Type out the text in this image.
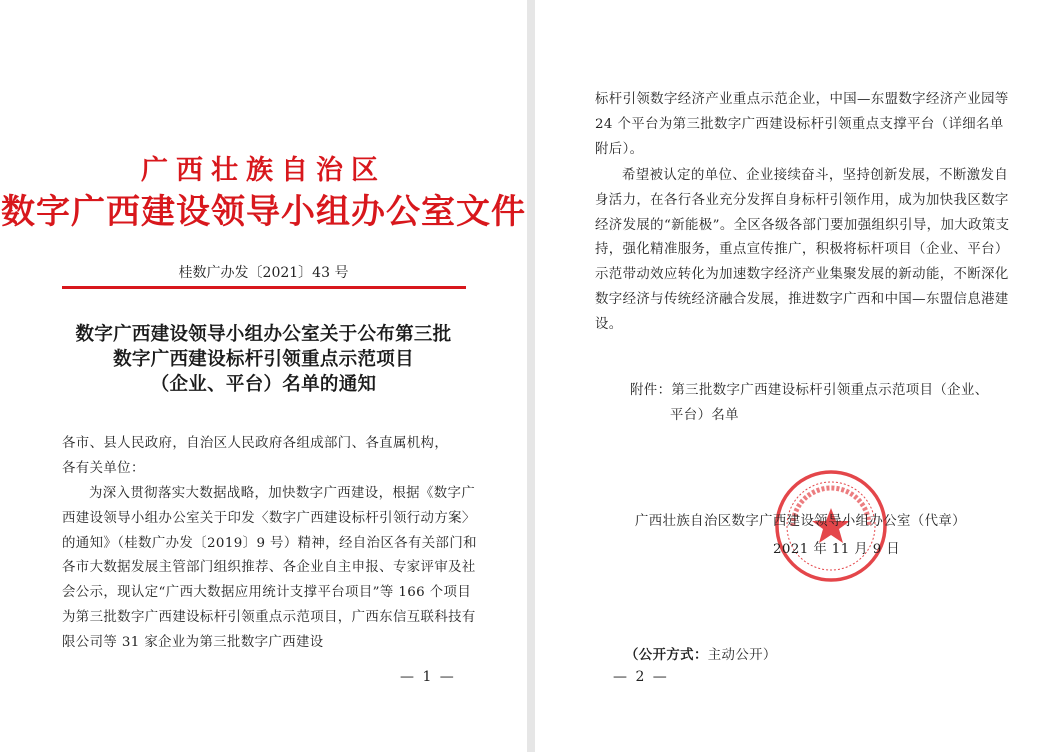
广西壮族自治区
数字广西建设领导小组办公室文件
桂数广办发〔2021〕43 号
数字广西建设领导小组办公室关于公布第三批
数字广西建设标杆引领重点示范项目
（企业、平台）名单的通知
各市、县人民政府，自治区人民政府各组成部门、各直属机构，
各有关单位：
为深入贯彻落实大数据战略，加快数字广西建设，根据《数字广西建设领导小组办公室关于印发〈数字广西建设标杆引领行动方案〉的通知》（桂数广办发〔2019〕9 号）精神，经自治区各有关部门和各市大数据发展主管部门组织推荐、各企业自主申报、专家评审及社会公示，现认定“广西大数据应用统计支撑平台项目”等 166 个项目为第三批数字广西建设标杆引领重点示范项目，广西东信互联科技有限公司等 31 家企业为第三批数字广西建设
— 1 —
标杆引领数字经济产业重点示范企业，中国—东盟数字经济产业园等 24 个平台为第三批数字广西建设标杆引领重点支撑平台（详细名单附后）。
希望被认定的单位、企业接续奋斗，坚持创新发展，不断激发自身活力，在各行各业充分发挥自身标杆引领作用，成为加快我区数字经济发展的“新能极”。全区各级各部门要加强组织引导，加大政策支持，强化精准服务，重点宣传推广，积极将标杆项目（企业、平台）示范带动效应转化为加速数字经济产业集聚发展的新动能，不断深化数字经济与传统经济融合发展，推进数字广西和中国—东盟信息港建设。
附件：第三批数字广西建设标杆引领重点示范项目（企业、
平台）名单
广西壮族自治区数字广西建设领导小组办公室（代章）
2021 年 11 月 9 日
（公开方式：主动公开）
— 2 —
